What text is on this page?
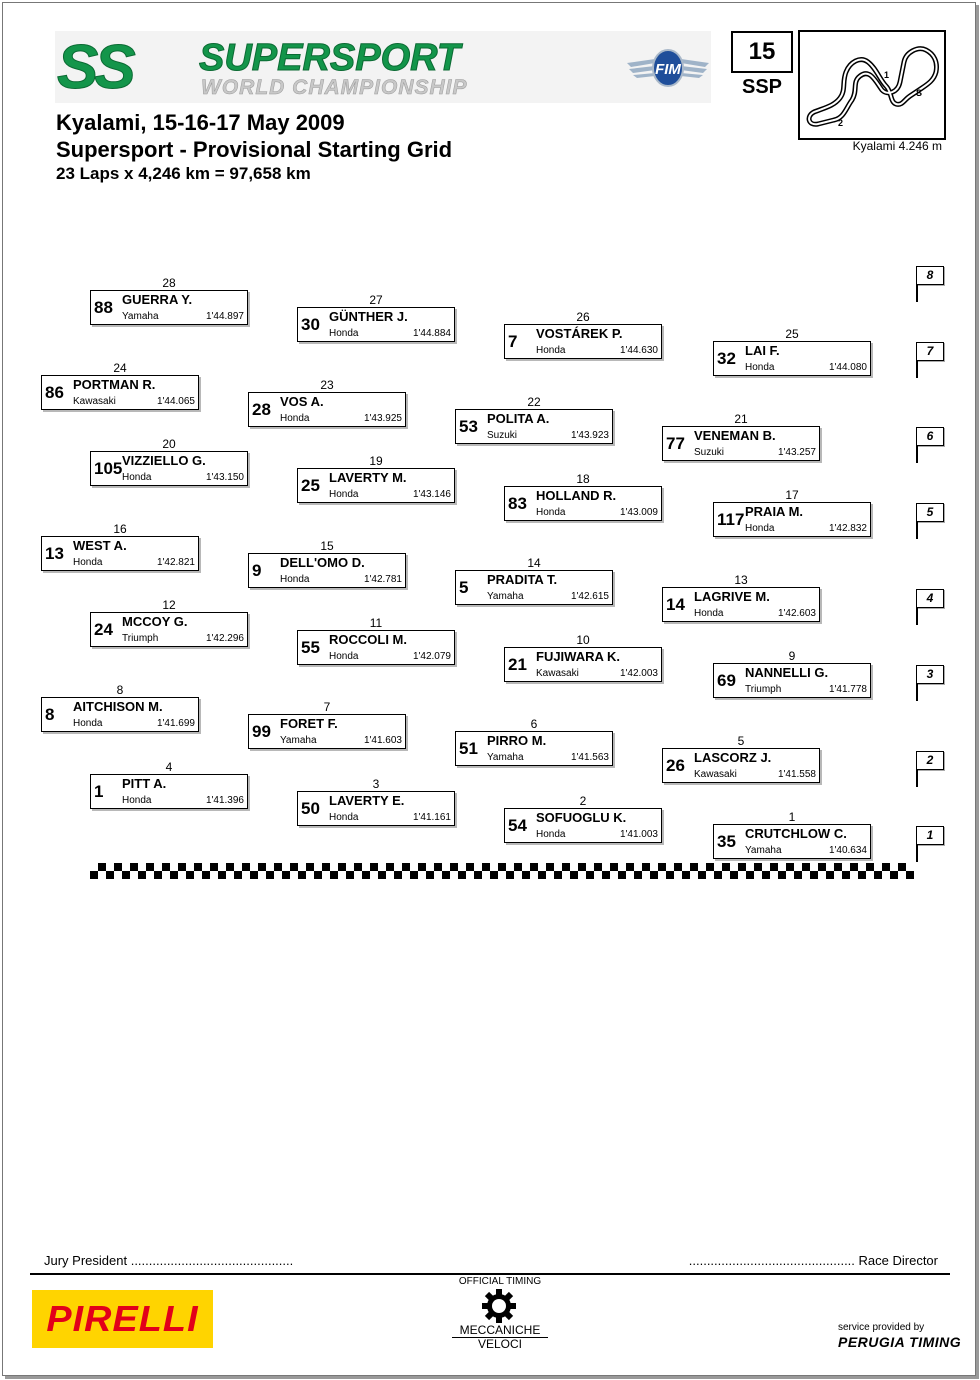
SS SUPERSPORT
WORLD CHAMPIONSHIP
FIM
15
SSP
1
2
S
Kyalami 4.246 m
Kyalami, 15-16-17 May 2009
Supersport - Provisional Starting Grid
23 Laps x 4,246 km = 97,658 km
28
88 GUERRA Y.
Yamaha	1'44.897
27
30 GÜNTHER J.
Honda	1'44.884
26
7 VOSTÁREK P.
Honda	1'44.630
25
32 LAI F.
Honda	1'44.080
24
86 PORTMAN R.
Kawasaki	1'44.065
23
28 VOS A.
Honda	1'43.925
22
53 POLITA A.
Suzuki	1'43.923
21
77 VENEMAN B.
Suzuki	1'43.257
20
105 VIZZIELLO G.
Honda	1'43.150
19
25 LAVERTY M.
Honda	1'43.146
18
83 HOLLAND R.
Honda	1'43.009
17
117 PRAIA M.
Honda	1'42.832
16
13 WEST A.
Honda	1'42.821
15
9 DELL'OMO D.
Honda	1'42.781
14
5 PRADITA T.
Yamaha	1'42.615
13
14 LAGRIVE M.
Honda	1'42.603
12
24 MCCOY G.
Triumph	1'42.296
11
55 ROCCOLI M.
Honda	1'42.079
10
21 FUJIWARA K.
Kawasaki	1'42.003
9
69 NANNELLI G.
Triumph	1'41.778
8
8 AITCHISON M.
Honda	1'41.699
7
99 FORET F.
Yamaha	1'41.603
6
51 PIRRO M.
Yamaha	1'41.563
5
26 LASCORZ J.
Kawasaki	1'41.558
4
1 PITT A.
Honda	1'41.396
3
50 LAVERTY E.
Honda	1'41.161
2
54 SOFUOGLU K.
Honda	1'41.003
1
35 CRUTCHLOW C.
Yamaha	1'40.634
8
7
6
5
4
3
2
1
Jury President .............................................	.............................................. Race Director
PIRELLI
OFFICIAL TIMING
MECCANICHE
VELOCI
service provided by
PERUGIA TIMING
